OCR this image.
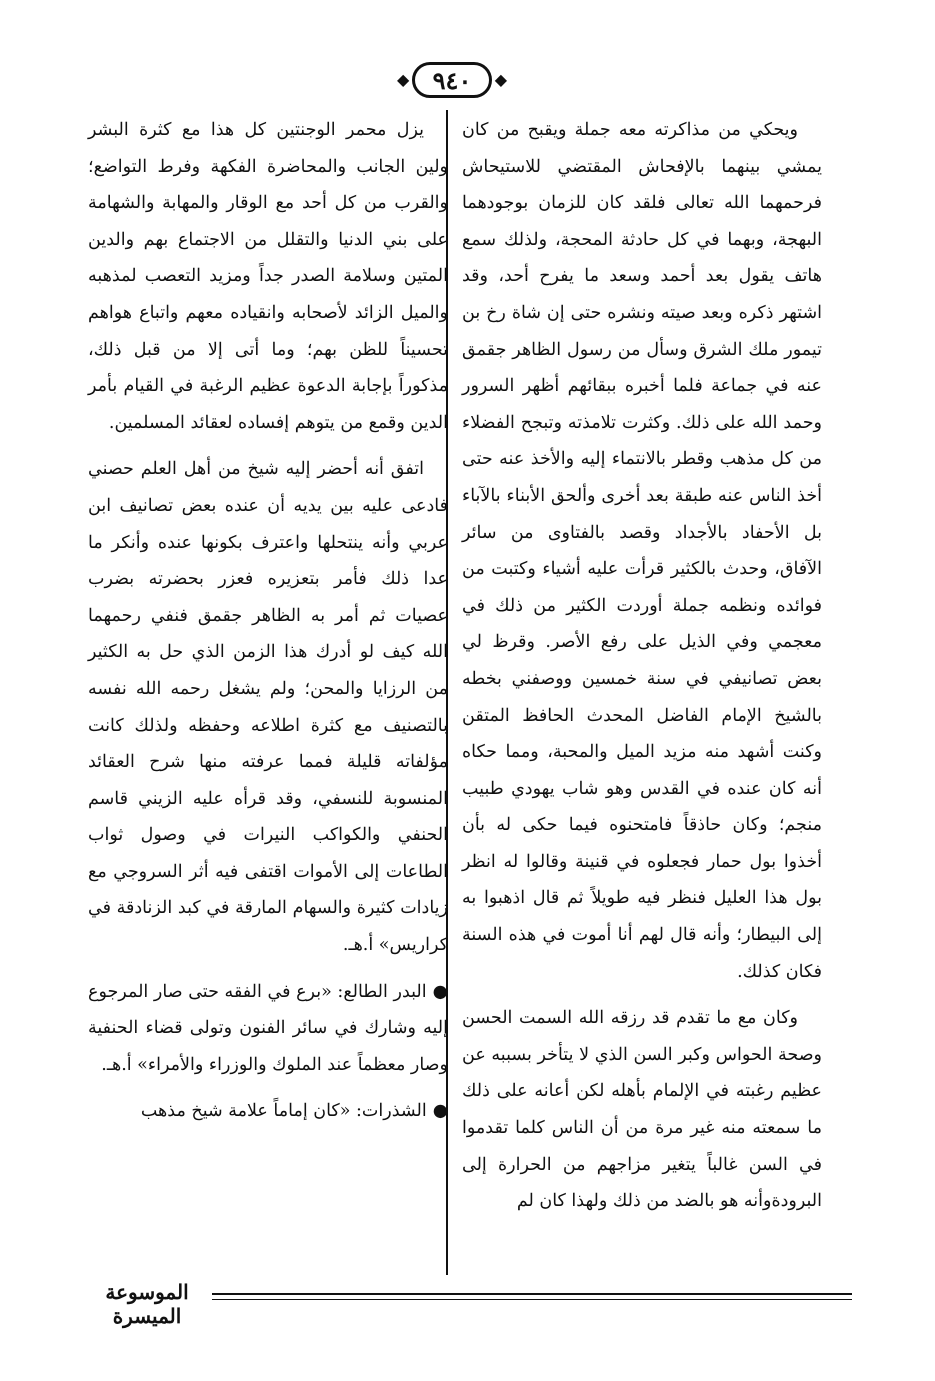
◆ ٩٤٠ ◆

ويحكي من مذاكرته معه جملة ويقبح من كان يمشي بينهما بالإفحاش المقتضي للاستيحاش فرحمهما الله تعالى فلقد كان للزمان بوجودهما البهجة، وبهما في كل حادثة المحجة، ولذلك سمع هاتف يقول بعد أحمد وسعد ما يفرح أحد، وقد اشتهر ذكره وبعد صيته ونشره حتى إن شاة رخ بن تيمور ملك الشرق وسأل من رسول الظاهر جقمق عنه في جماعة فلما أخبره ببقائهم أظهر السرور وحمد الله على ذلك. وكثرت تلامذته وتبجح الفضلاء من كل مذهب وقطر بالانتماء إليه والأخذ عنه حتى أخذ الناس عنه طبقة بعد أخرى وألحق الأبناء بالآباء بل الأحفاد بالأجداد وقصد بالفتاوى من سائر الآفاق، وحدث بالكثير قرأت عليه أشياء وكتبت من فوائده ونظمه جملة أوردت الكثير من ذلك في معجمي وفي الذيل على رفع الأصر. وقرظ لي بعض تصانيفي في سنة خمسين ووصفني بخطه بالشيخ الإمام الفاضل المحدث الحافظ المتقن وكنت أشهد منه مزيد الميل والمحبة، ومما حكاه أنه كان عنده في القدس وهو شاب يهودي طبيب منجم؛ وكان حاذقاً فامتحنوه فيما حكى له بأن أخذوا بول حمار فجعلوه في قنينة وقالوا له انظر بول هذا العليل فنظر فيه طويلاً ثم قال اذهبوا به إلى البيطار؛ وأنه قال لهم أنا أموت في هذه السنة فكان كذلك.

وكان مع ما تقدم قد رزقه الله السمت الحسن وصحة الحواس وكبر السن الذي لا يتأخر بسببه عن عظيم رغبته في الإلمام بأهله لكن أعانه على ذلك ما سمعته منه غير مرة من أن الناس كلما تقدموا في السن غالباً يتغير مزاجهم من الحرارة إلى البرودةوأنه هو بالضد من ذلك ولهذا كان لم

يزل محمر الوجنتين كل هذا مع كثرة البشر ولين الجانب والمحاضرة الفكهة وفرط التواضع؛ والقرب من كل أحد مع الوقار والمهابة والشهامة على بني الدنيا والتقلل من الاجتماع بهم والدين المتين وسلامة الصدر جداً ومزيد التعصب لمذهبه والميل الزائد لأصحابه وانقياده معهم واتباع هواهم تحسيناً للظن بهم؛ وما أتى إلا من قبل ذلك، مذكوراً بإجابة الدعوة عظيم الرغبة في القيام بأمر الدين وقمع من يتوهم إفساده لعقائد المسلمين.

اتفق أنه أحضر إليه شيخ من أهل العلم حصني فادعى عليه بين يديه أن عنده بعض تصانيف ابن عربي وأنه ينتحلها واعترف بكونها عنده وأنكر ما عدا ذلك فأمر بتعزيره فعزر بحضرته بضرب عصيات ثم أمر به الظاهر جقمق فنفي رحمهما الله كيف لو أدرك هذا الزمن الذي حل به الكثير من الرزايا والمحن؛ ولم يشغل رحمه الله نفسه بالتصنيف مع كثرة اطلاعه وحفظه ولذلك كانت مؤلفاته قليلة فمما عرفته منها شرح العقائد المنسوبة للنسفي، وقد قرأه عليه الزيني قاسم الحنفي والكواكب النيرات في وصول ثواب الطاعات إلى الأموات اقتفى فيه أثر السروجي مع زيادات كثيرة والسهام المارقة في كبد الزنادقة في كراريس» أ.هـ.

●البدر الطالع: «برع في الفقه حتى صار المرجوع إليه وشارك في سائر الفنون وتولى قضاء الحنفية وصار معظماً عند الملوك والوزراء والأمراء» أ.هـ.

●الشذرات: «كان إماماً علامة شيخ مذهب

الموسوعة الميسرة
